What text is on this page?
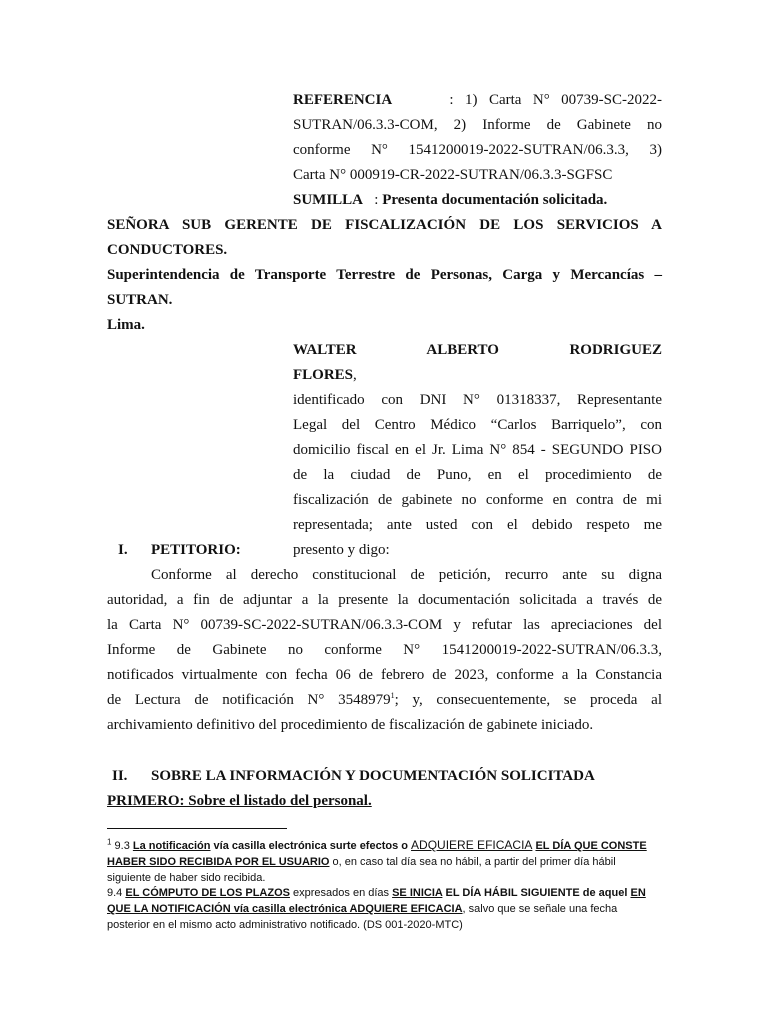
REFERENCIA	: 1) Carta N° 00739-SC-2022-
SUTRAN/06.3.3-COM, 2) Informe de Gabinete no
conforme N° 1541200019-2022-SUTRAN/06.3.3, 3)
Carta N° 000919-CR-2022-SUTRAN/06.3.3-SGFSC
SUMILLA : Presenta documentación solicitada.
SEÑORA SUB GERENTE DE FISCALIZACIÓN DE LOS SERVICIOS A
CONDUCTORES.
Superintendencia de Transporte Terrestre de Personas, Carga y Mercancías –
SUTRAN.
Lima.
WALTER ALBERTO RODRIGUEZ FLORES,
identificado con DNI N° 01318337, Representante
Legal del Centro Médico “Carlos Barriquelo”, con
domicilio fiscal en el Jr. Lima N° 854 - SEGUNDO PISO
de la ciudad de Puno, en el procedimiento de
fiscalización de gabinete no conforme en contra de mi
representada; ante usted con el debido respeto me
presento y digo:
I. PETITORIO:
Conforme al derecho constitucional de petición, recurro ante su digna
autoridad, a fin de adjuntar a la presente la documentación solicitada a través de
la Carta N° 00739-SC-2022-SUTRAN/06.3.3-COM y refutar las apreciaciones del
Informe de Gabinete no conforme N° 1541200019-2022-SUTRAN/06.3.3,
notificados virtualmente con fecha 06 de febrero de 2023, conforme a la Constancia
de Lectura de notificación N° 3548979$^1$; y, consecuentemente, se proceda al
archivamiento definitivo del procedimiento de fiscalización de gabinete iniciado.
II. SOBRE LA INFORMACIÓN Y DOCUMENTACIÓN SOLICITADA
PRIMERO: Sobre el listado del personal.
$^1$ 9.3 La notificación vía casilla electrónica surte efectos o ADQUIERE EFICACIA EL DÍA QUE CONSTE HABER SIDO RECIBIDA POR EL USUARIO o, en caso tal día sea no hábil, a partir del primer día hábil siguiente de haber sido recibida.
9.4 EL CÓMPUTO DE LOS PLAZOS expresados en días SE INICIA EL DÍA HÁBIL SIGUIENTE de aquel EN QUE LA NOTIFICACIÓN vía casilla electrónica ADQUIERE EFICACIA, salvo que se señale una fecha posterior en el mismo acto administrativo notificado. (DS 001-2020-MTC)
